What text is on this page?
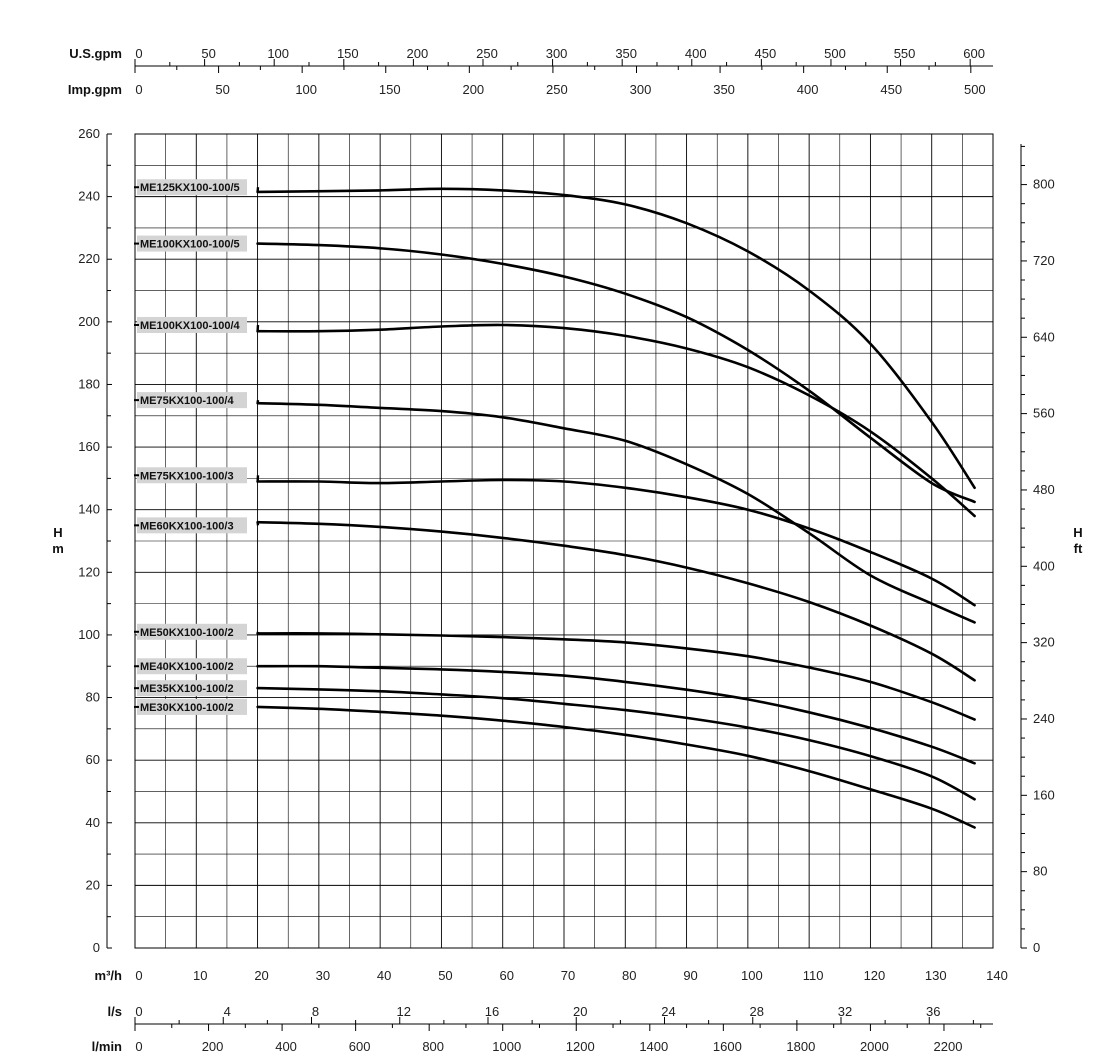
0
20
40
60
80
100
120
140
160
180
200
220
240
260
H
m
0
80
160
240
320
400
480
560
640
720
800
H
ft
0	10	20	30	40	50	60	70	80	90	100	110	120	130	140
m³/h
0	50	100	150	200	250	300	350	400	450	500	550	600
U.S.gpm
0	50	100	150	200	250	300	350	400	450	500
Imp.gpm
0	4	8	12	16	20	24	28	32	36
l/s
0	200	400	600	800	1000	1200	1400	1600	1800	2000	2200
l/min
ME125KX100-100/5
ME100KX100-100/5
ME100KX100-100/4
ME75KX100-100/4
ME75KX100-100/3
ME60KX100-100/3
ME50KX100-100/2
ME40KX100-100/2
ME35KX100-100/2
ME30KX100-100/2
